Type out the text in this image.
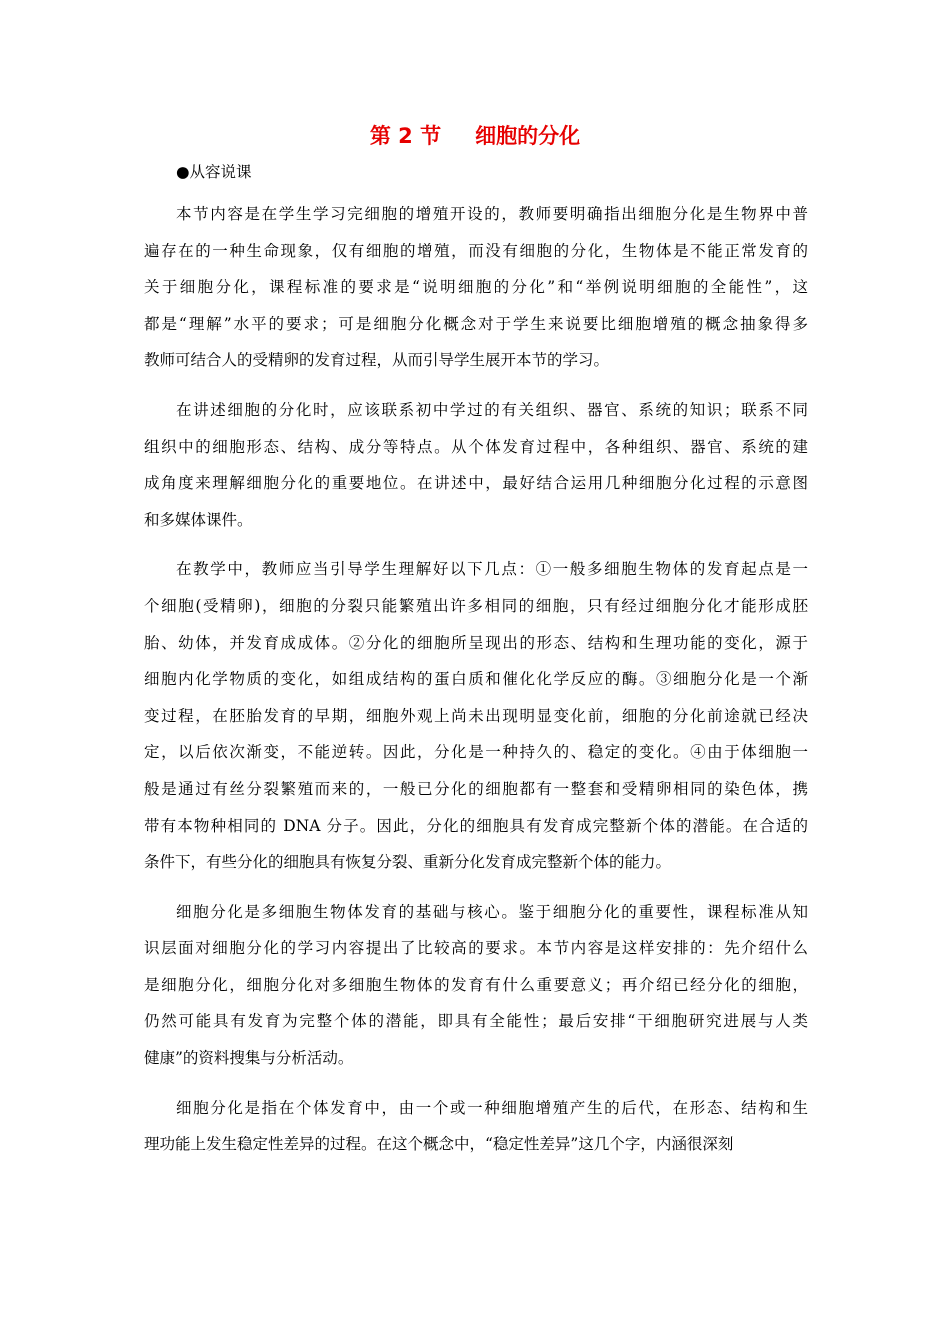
第 2 节 细胞的分化
●从容说课
本节内容是在学生学习完细胞的增殖开设的，教师要明确指出细胞分化是生物界中普
遍存在的一种生命现象，仅有细胞的增殖，而没有细胞的分化，生物体是不能正常发育的
关于细胞分化，课程标准的要求是“说明细胞的分化”和“举例说明细胞的全能性”，这
都是“理解”水平的要求；可是细胞分化概念对于学生来说要比细胞增殖的概念抽象得多
教师可结合人的受精卵的发育过程，从而引导学生展开本节的学习。
在讲述细胞的分化时，应该联系初中学过的有关组织、器官、系统的知识；联系不同
组织中的细胞形态、结构、成分等特点。从个体发育过程中，各种组织、器官、系统的建
成角度来理解细胞分化的重要地位。在讲述中，最好结合运用几种细胞分化过程的示意图
和多媒体课件。
在教学中，教师应当引导学生理解好以下几点：①一般多细胞生物体的发育起点是一
个细胞(受精卵)，细胞的分裂只能繁殖出许多相同的细胞，只有经过细胞分化才能形成胚
胎、幼体，并发育成成体。②分化的细胞所呈现出的形态、结构和生理功能的变化，源于
细胞内化学物质的变化，如组成结构的蛋白质和催化化学反应的酶。③细胞分化是一个渐
变过程，在胚胎发育的早期，细胞外观上尚未出现明显变化前，细胞的分化前途就已经决
定，以后依次渐变，不能逆转。因此，分化是一种持久的、稳定的变化。④由于体细胞一
般是通过有丝分裂繁殖而来的，一般已分化的细胞都有一整套和受精卵相同的染色体，携
带有本物种相同的 DNA 分子。因此，分化的细胞具有发育成完整新个体的潜能。在合适的
条件下，有些分化的细胞具有恢复分裂、重新分化发育成完整新个体的能力。
细胞分化是多细胞生物体发育的基础与核心。鉴于细胞分化的重要性，课程标准从知
识层面对细胞分化的学习内容提出了比较高的要求。本节内容是这样安排的：先介绍什么
是细胞分化，细胞分化对多细胞生物体的发育有什么重要意义；再介绍已经分化的细胞，
仍然可能具有发育为完整个体的潜能，即具有全能性；最后安排“干细胞研究进展与人类
健康”的资料搜集与分析活动。
细胞分化是指在个体发育中，由一个或一种细胞增殖产生的后代，在形态、结构和生
理功能上发生稳定性差异的过程。在这个概念中，“稳定性差异”这几个字，内涵很深刻
